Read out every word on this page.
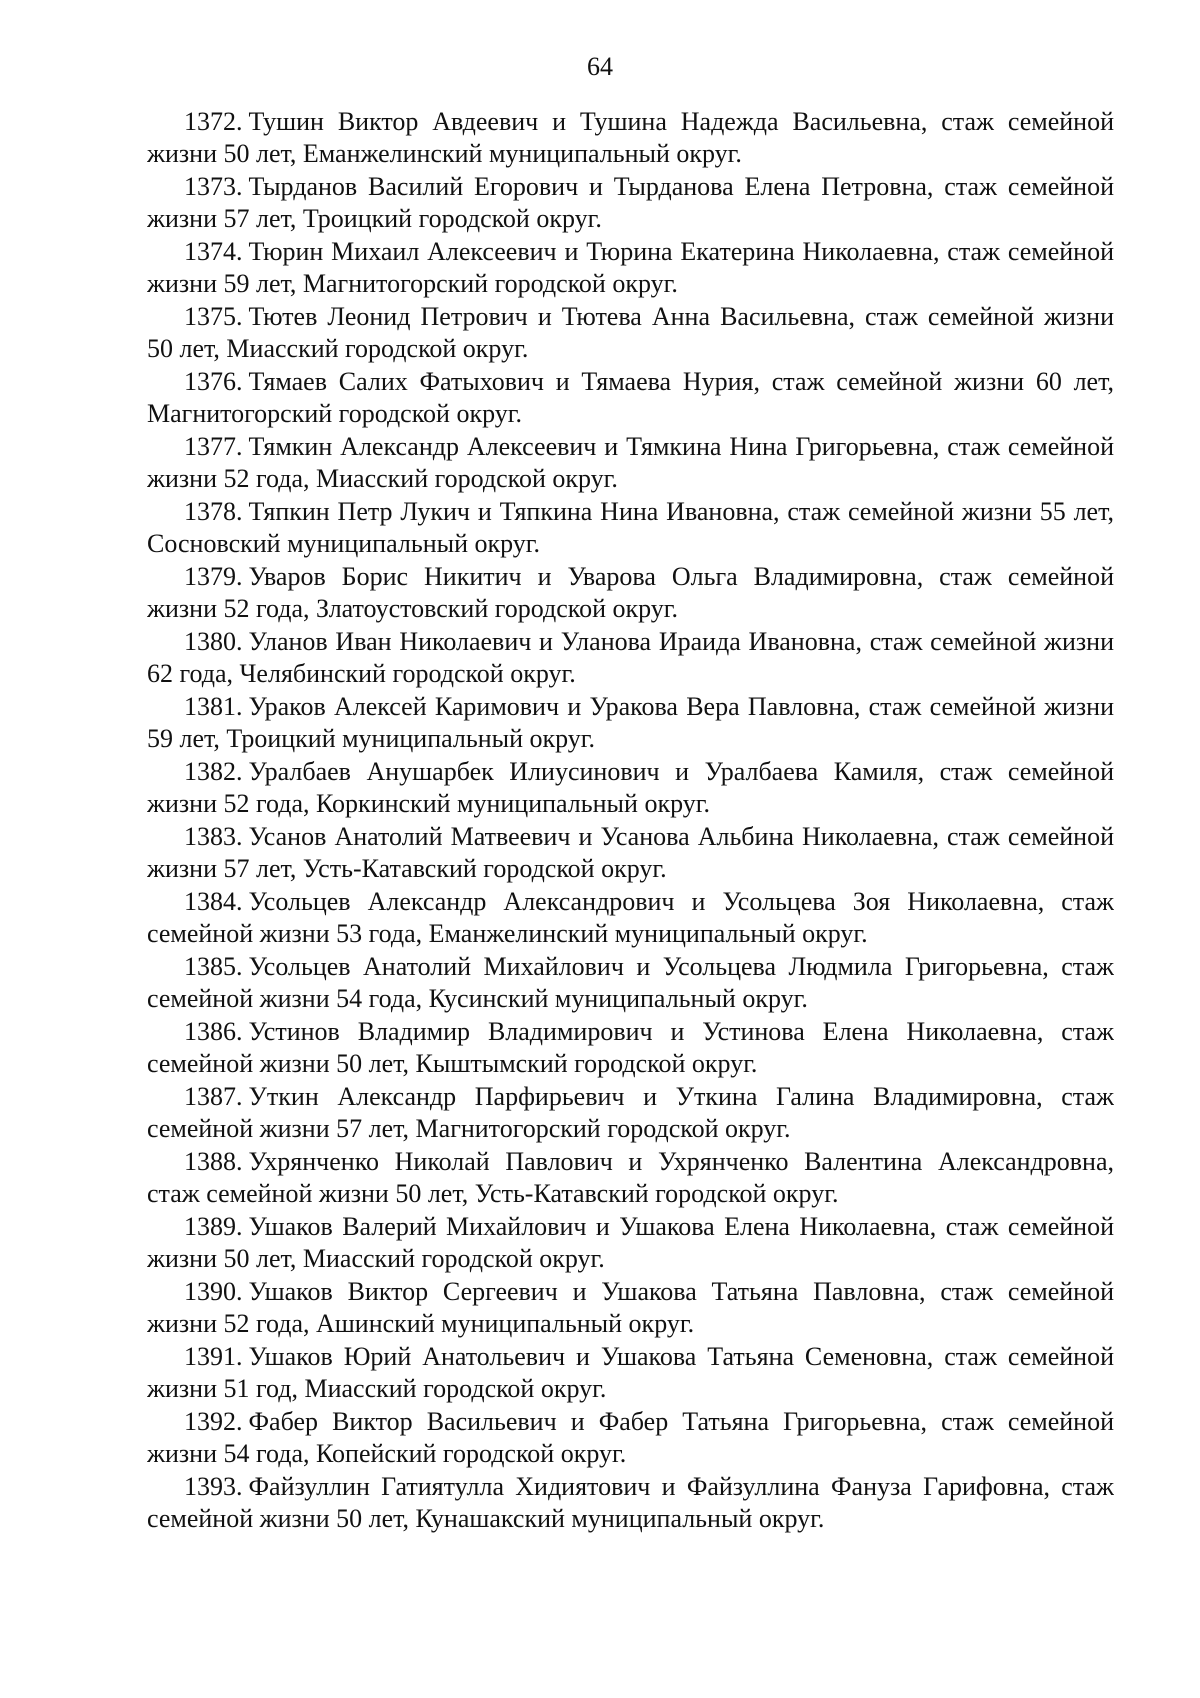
64

1372. Тушин Виктор Авдеевич и Тушина Надежда Васильевна, стаж семейной жизни 50 лет, Еманжелинский муниципальный округ.

1373. Тырданов Василий Егорович и Тырданова Елена Петровна, стаж семейной жизни 57 лет, Троицкий городской округ.

1374. Тюрин Михаил Алексеевич и Тюрина Екатерина Николаевна, стаж семейной жизни 59 лет, Магнитогорский городской округ.

1375. Тютев Леонид Петрович и Тютева Анна Васильевна, стаж семейной жизни 50 лет, Миасский городской округ.

1376. Тямаев Салих Фатыхович и Тямаева Нурия, стаж семейной жизни 60 лет, Магнитогорский городской округ.

1377. Тямкин Александр Алексеевич и Тямкина Нина Григорьевна, стаж семейной жизни 52 года, Миасский городской округ.

1378. Тяпкин Петр Лукич и Тяпкина Нина Ивановна, стаж семейной жизни 55 лет, Сосновский муниципальный округ.

1379. Уваров Борис Никитич и Уварова Ольга Владимировна, стаж семейной жизни 52 года, Златоустовский городской округ.

1380. Уланов Иван Николаевич и Уланова Ираида Ивановна, стаж семейной жизни 62 года, Челябинский городской округ.

1381. Ураков Алексей Каримович и Уракова Вера Павловна, стаж семейной жизни 59 лет, Троицкий муниципальный округ.

1382. Уралбаев Анушарбек Илиусинович и Уралбаева Камиля, стаж семейной жизни 52 года, Коркинский муниципальный округ.

1383. Усанов Анатолий Матвеевич и Усанова Альбина Николаевна, стаж семейной жизни 57 лет, Усть-Катавский городской округ.

1384. Усольцев Александр Александрович и Усольцева Зоя Николаевна, стаж семейной жизни 53 года, Еманжелинский муниципальный округ.

1385. Усольцев Анатолий Михайлович и Усольцева Людмила Григорьевна, стаж семейной жизни 54 года, Кусинский муниципальный округ.

1386. Устинов Владимир Владимирович и Устинова Елена Николаевна, стаж семейной жизни 50 лет, Кыштымский городской округ.

1387. Уткин Александр Парфирьевич и Уткина Галина Владимировна, стаж семейной жизни 57 лет, Магнитогорский городской округ.

1388. Ухрянченко Николай Павлович и Ухрянченко Валентина Александровна, стаж семейной жизни 50 лет, Усть-Катавский городской округ.

1389. Ушаков Валерий Михайлович и Ушакова Елена Николаевна, стаж семейной жизни 50 лет, Миасский городской округ.

1390. Ушаков Виктор Сергеевич и Ушакова Татьяна Павловна, стаж семейной жизни 52 года, Ашинский муниципальный округ.

1391. Ушаков Юрий Анатольевич и Ушакова Татьяна Семеновна, стаж семейной жизни 51 год, Миасский городской округ.

1392. Фабер Виктор Васильевич и Фабер Татьяна Григорьевна, стаж семейной жизни 54 года, Копейский городской округ.

1393. Файзуллин Гатиятулла Хидиятович и Файзуллина Фануза Гарифовна, стаж семейной жизни 50 лет, Кунашакский муниципальный округ.
